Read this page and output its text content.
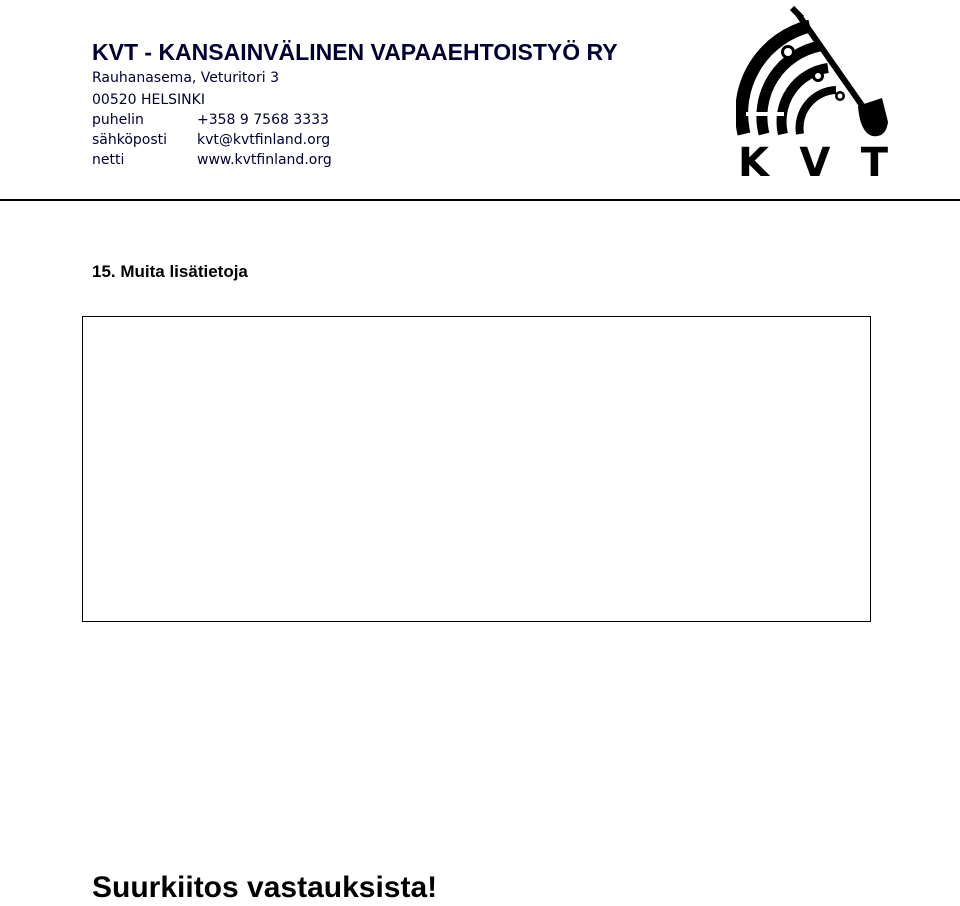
KVT - KANSAINVÄLINEN VAPAAEHTOISTYÖ RY
Rauhanasema, Veturitori 3
00520 HELSINKI
puhelin	+358 9 7568 3333
sähköposti kvt@kvtfinland.org
netti	www.kvtfinland.org	KVT
15. Muita lisätietoja
Suurkiitos vastauksista!
